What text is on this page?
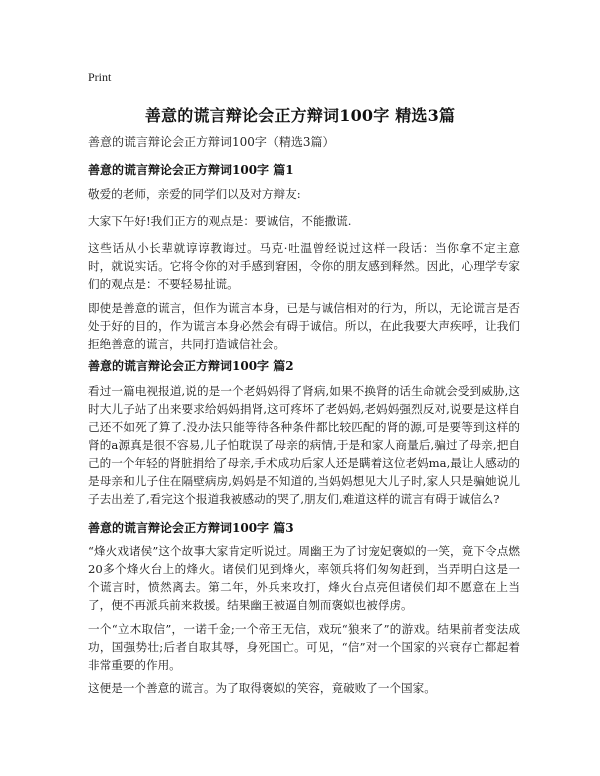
Print
善意的谎言辩论会正方辩词100字 精选3篇
善意的谎言辩论会正方辩词100字（精选3篇）
善意的谎言辩论会正方辩词100字 篇1
敬爱的老师，亲爱的同学们以及对方辩友:
大家下午好!我们正方的观点是：要诚信，不能撒谎.
这些话从小长辈就谆谆教诲过。马克·吐温曾经说过这样一段话：当你拿不定主意时，就说实话。它将令你的对手感到窘困，令你的朋友感到释然。因此，心理学专家们的观点是：不要轻易扯谎。
即使是善意的谎言，但作为谎言本身，已是与诚信相对的行为，所以，无论谎言是否处于好的目的，作为谎言本身必然会有碍于诚信。所以，在此我要大声疾呼，让我们拒绝善意的谎言，共同打造诚信社会。
善意的谎言辩论会正方辩词100字 篇2
看过一篇电视报道,说的是一个老妈妈得了肾病,如果不换肾的话生命就会受到威胁,这时大儿子站了出来要求给妈妈捐肾,这可疼坏了老妈妈,老妈妈强烈反对,说要是这样自己还不如死了算了.没办法只能等待各种条件都比较匹配的肾的源,可是要等到这样的肾的a源真是很不容易,儿子怕耽误了母亲的病情,于是和家人商量后,骗过了母亲,把自己的一个年轻的肾脏捐给了母亲,手术成功后家人还是瞒着这位老妈ma,最让人感动的是母亲和儿子住在隔壁病房,妈妈是不知道的,当妈妈想见大儿子时,家人只是骗她说儿子去出差了,看完这个报道我被感动的哭了,朋友们,难道这样的谎言有碍于诚信么?
善意的谎言辩论会正方辩词100字 篇3
“烽火戏诸侯”这个故事大家肯定听说过。周幽王为了讨宠妃褒姒的一笑，竟下令点燃20多个烽火台上的烽火。诸侯们见到烽火，率领兵将们匆匆赶到，当弄明白这是一个谎言时，愤然离去。第二年，外兵来攻打，烽火台点亮但诸侯们却不愿意在上当了，便不再派兵前来救援。结果幽王被逼自刎而褒姒也被俘虏。
一个“立木取信”，一诺千金;一个帝王无信，戏玩“狼来了”的游戏。结果前者变法成功，国强势壮;后者自取其辱，身死国亡。可见，“信”对一个国家的兴衰存亡都起着非常重要的作用。
这便是一个善意的谎言。为了取得褒姒的笑容，竟破败了一个国家。
